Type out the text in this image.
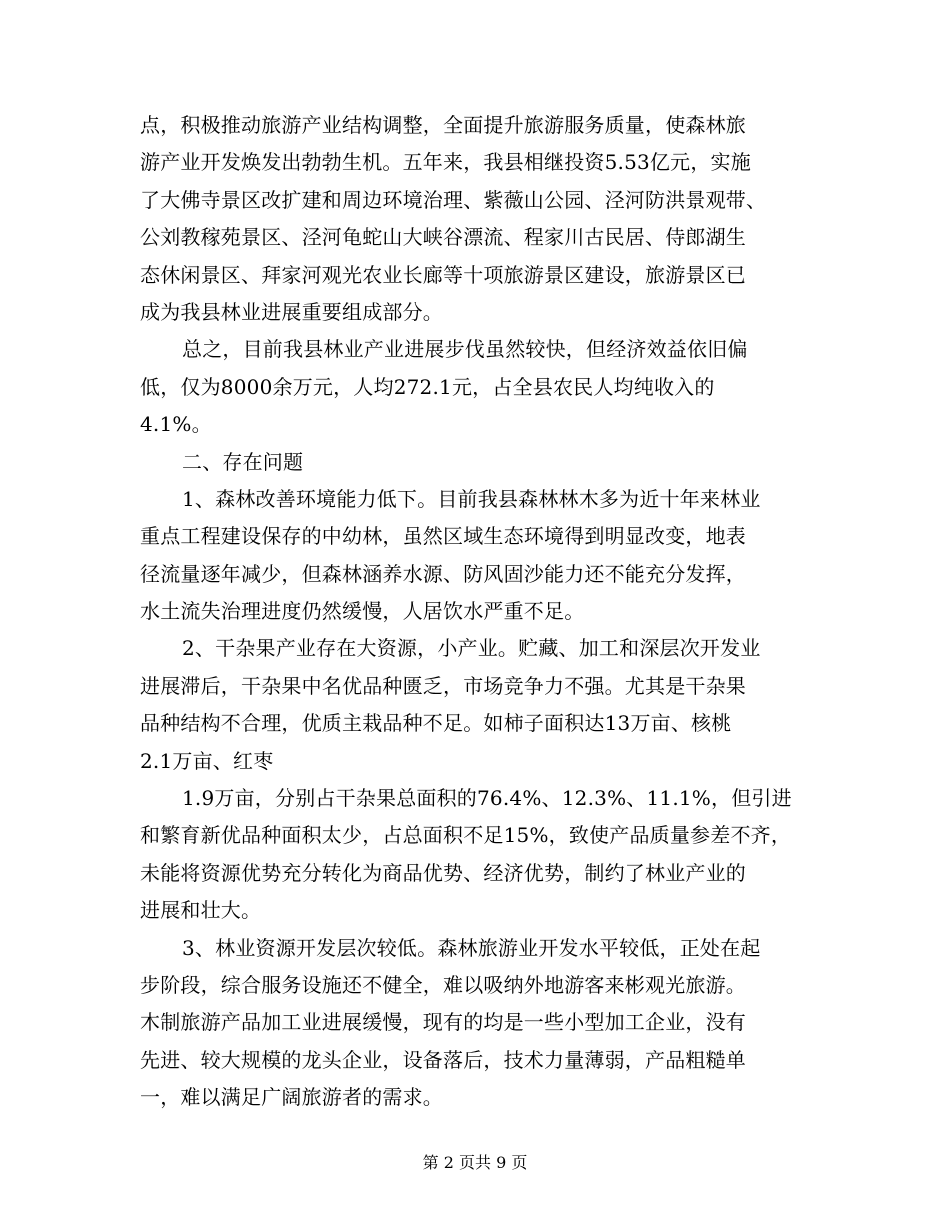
点，积极推动旅游产业结构调整，全面提升旅游服务质量，使森林旅
游产业开发焕发出勃勃生机。五年来，我县相继投资5.53亿元，实施
了大佛寺景区改扩建和周边环境治理、紫薇山公园、泾河防洪景观带、
公刘教稼苑景区、泾河龟蛇山大峡谷漂流、程家川古民居、侍郎湖生
态休闲景区、拜家河观光农业长廊等十项旅游景区建设，旅游景区已
成为我县林业进展重要组成部分。
总之，目前我县林业产业进展步伐虽然较快，但经济效益依旧偏
低，仅为8000余万元，人均272.1元，占全县农民人均纯收入的
4.1%。
二、存在问题
1、森林改善环境能力低下。目前我县森林林木多为近十年来林业
重点工程建设保存的中幼林，虽然区域生态环境得到明显改变，地表
径流量逐年减少，但森林涵养水源、防风固沙能力还不能充分发挥，
水土流失治理进度仍然缓慢，人居饮水严重不足。
2、干杂果产业存在大资源，小产业。贮藏、加工和深层次开发业
进展滞后，干杂果中名优品种匮乏，市场竞争力不强。尤其是干杂果
品种结构不合理，优质主栽品种不足。如柿子面积达13万亩、核桃
2.1万亩、红枣
1.9万亩，分别占干杂果总面积的76.4%、12.3%、11.1%，但引进
和繁育新优品种面积太少，占总面积不足15%，致使产品质量参差不齐，
未能将资源优势充分转化为商品优势、经济优势，制约了林业产业的
进展和壮大。
3、林业资源开发层次较低。森林旅游业开发水平较低，正处在起
步阶段，综合服务设施还不健全，难以吸纳外地游客来彬观光旅游。
木制旅游产品加工业进展缓慢，现有的均是一些小型加工企业，没有
先进、较大规模的龙头企业，设备落后，技术力量薄弱，产品粗糙单
一，难以满足广阔旅游者的需求。
第 2 页共 9 页
